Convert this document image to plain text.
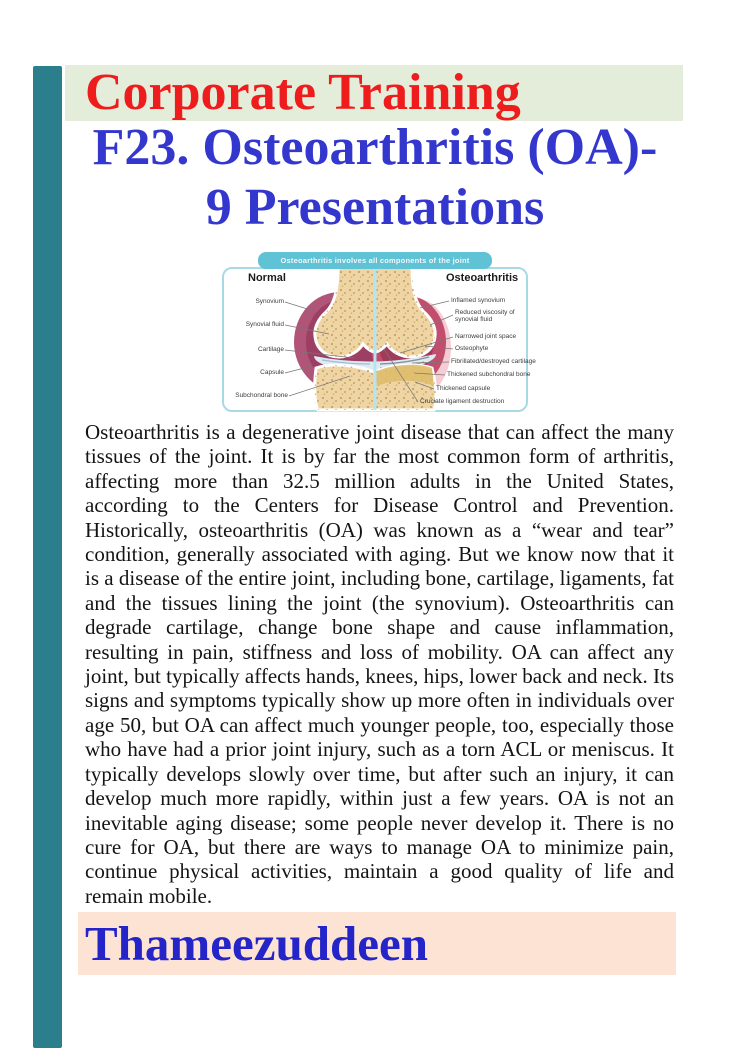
Corporate Training
F23. Osteoarthritis (OA)-
9 Presentations
Osteoarthritis involves all components of the joint
Normal	Osteoarthritis
Synovium
Synovial fluid
Cartilage
Capsule
Subchondral bone
Inflamed synovium
Reduced viscosity of synovial fluid
Narrowed joint space
Osteophyte
Fibrillated/destroyed cartilage
Thickened subchondral bone
Thickened capsule
Cruciate ligament destruction
Osteoarthritis is a degenerative joint disease that can affect the many tissues of the joint. It is by far the most common form of arthritis, affecting more than 32.5 million adults in the United States, according to the Centers for Disease Control and Prevention. Historically, osteoarthritis (OA) was known as a “wear and tear” condition, generally associated with aging. But we know now that it is a disease of the entire joint, including bone, cartilage, ligaments, fat and the tissues lining the joint (the synovium). Osteoarthritis can degrade cartilage, change bone shape and cause inflammation, resulting in pain, stiffness and loss of mobility. OA can affect any joint, but typically affects hands, knees, hips, lower back and neck. Its signs and symptoms typically show up more often in individuals over age 50, but OA can affect much younger people, too, especially those who have had a prior joint injury, such as a torn ACL or meniscus. It typically develops slowly over time, but after such an injury, it can develop much more rapidly, within just a few years. OA is not an inevitable aging disease; some people never develop it. There is no cure for OA, but there are ways to manage OA to minimize pain, continue physical activities, maintain a good quality of life and remain mobile.
Thameezuddeen
